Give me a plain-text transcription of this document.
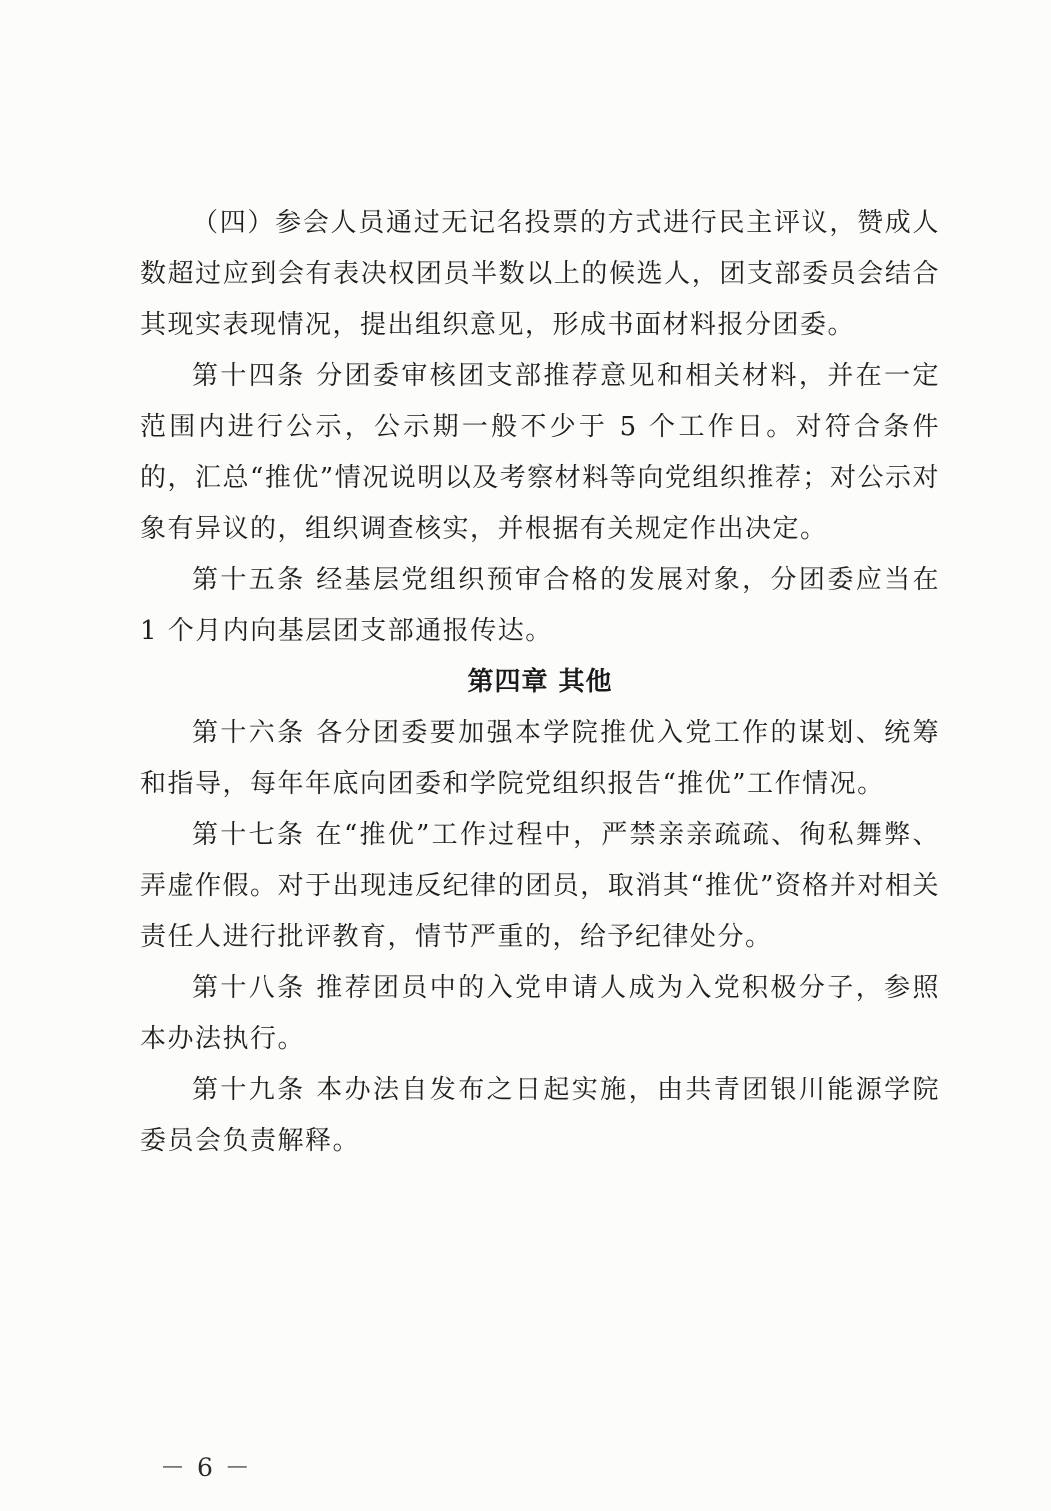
（四）参会人员通过无记名投票的方式进行民主评议，赞成人数超过应到会有表决权团员半数以上的候选人，团支部委员会结合其现实表现情况，提出组织意见，形成书面材料报分团委。

第十四条 分团委审核团支部推荐意见和相关材料，并在一定范围内进行公示，公示期一般不少于 5 个工作日。对符合条件的，汇总“推优”情况说明以及考察材料等向党组织推荐；对公示对象有异议的，组织调查核实，并根据有关规定作出决定。

第十五条 经基层党组织预审合格的发展对象，分团委应当在 1 个月内向基层团支部通报传达。

第四章 其他

第十六条 各分团委要加强本学院推优入党工作的谋划、统筹和指导，每年年底向团委和学院党组织报告“推优”工作情况。

第十七条 在“推优”工作过程中，严禁亲亲疏疏、徇私舞弊、弄虚作假。对于出现违反纪律的团员，取消其“推优”资格并对相关责任人进行批评教育，情节严重的，给予纪律处分。

第十八条 推荐团员中的入党申请人成为入党积极分子，参照本办法执行。

第十九条 本办法自发布之日起实施，由共青团银川能源学院委员会负责解释。

－ 6 －
